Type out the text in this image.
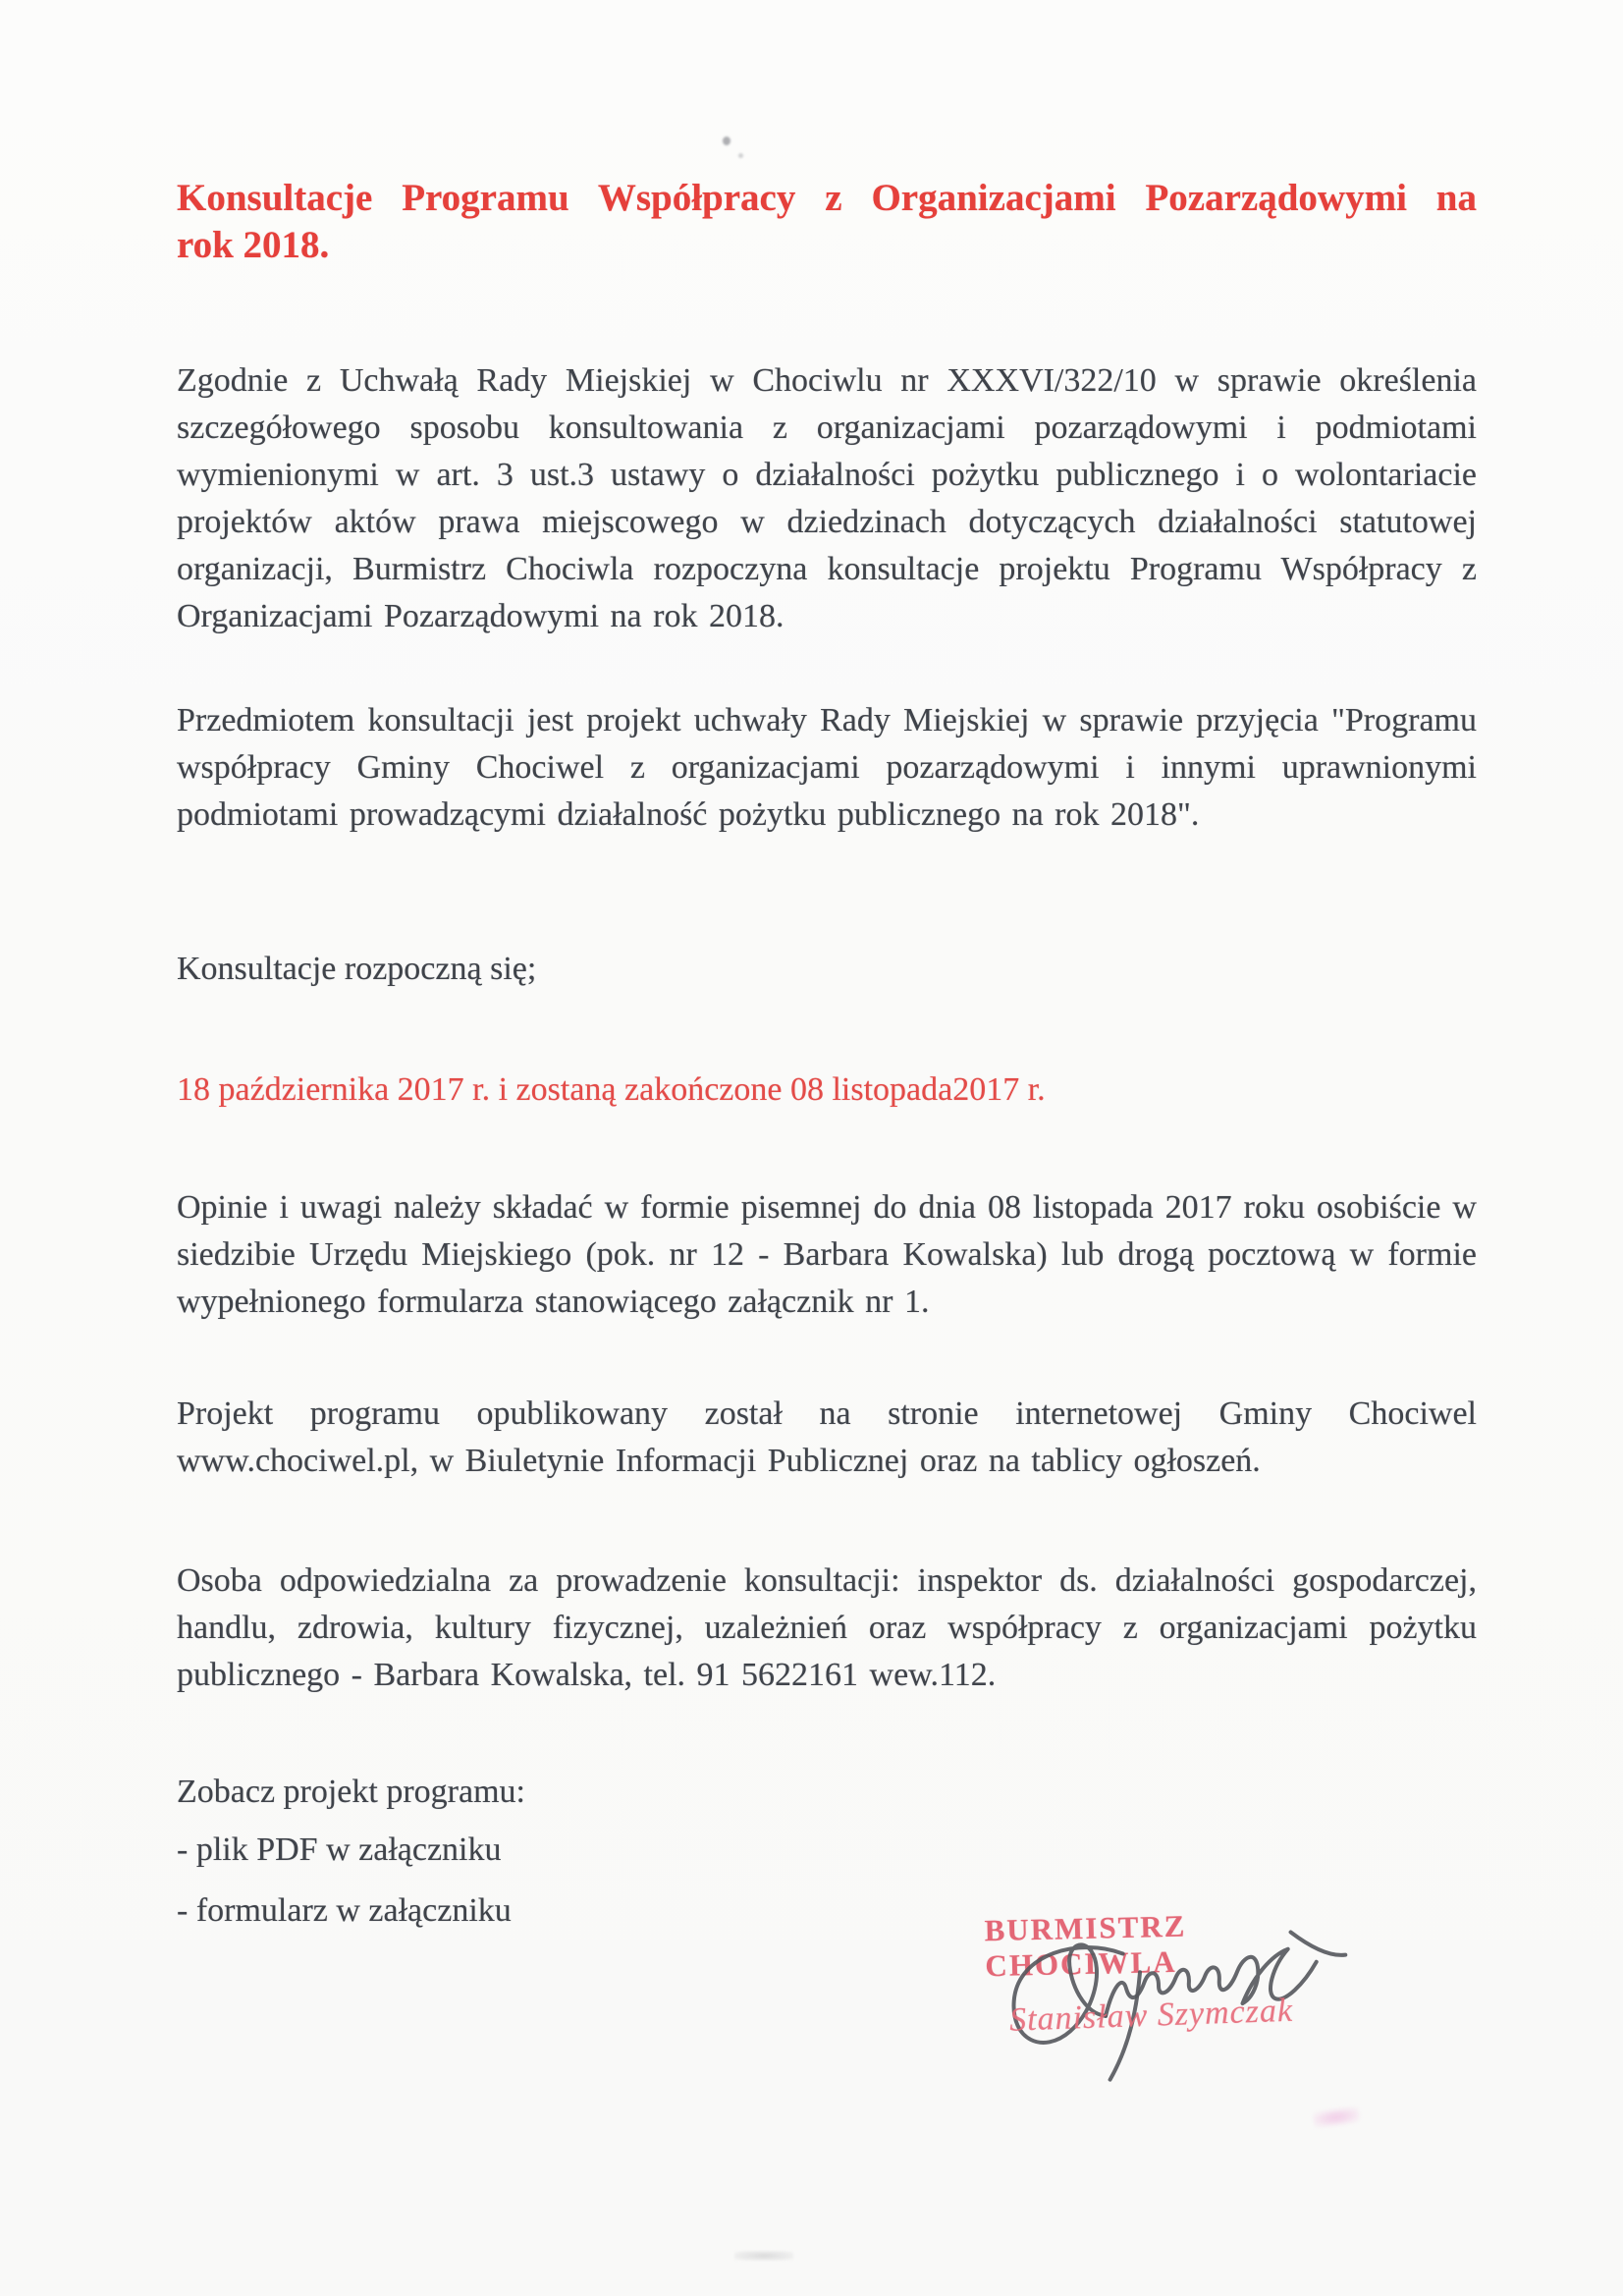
Konsultacje Programu Współpracy z Organizacjami Pozarządowymi na
rok 2018.

Zgodnie z Uchwałą Rady Miejskiej w Chociwlu nr XXXVI/322/10 w sprawie określenia szczegółowego sposobu konsultowania z organizacjami pozarządowymi i podmiotami wymienionymi w art. 3 ust.3 ustawy o działalności pożytku publicznego i o wolontariacie projektów aktów prawa miejscowego w dziedzinach dotyczących działalności statutowej organizacji, Burmistrz Chociwla rozpoczyna konsultacje projektu Programu Współpracy z Organizacjami Pozarządowymi na rok 2018.

Przedmiotem konsultacji jest projekt uchwały Rady Miejskiej w sprawie przyjęcia "Programu współpracy Gminy Chociwel z organizacjami pozarządowymi i innymi uprawnionymi podmiotami prowadzącymi działalność pożytku publicznego na rok 2018".

Konsultacje rozpoczną się;

18 października 2017 r. i zostaną zakończone 08 listopada2017 r.

Opinie i uwagi należy składać w formie pisemnej do dnia 08 listopada 2017 roku osobiście w siedzibie Urzędu Miejskiego (pok. nr 12 - Barbara Kowalska) lub drogą pocztową w formie wypełnionego formularza stanowiącego załącznik nr 1.

Projekt programu opublikowany został na stronie internetowej Gminy Chociwel www.chociwel.pl, w Biuletynie Informacji Publicznej oraz na tablicy ogłoszeń.

Osoba odpowiedzialna za prowadzenie konsultacji: inspektor ds. działalności gospodarczej, handlu, zdrowia, kultury fizycznej, uzależnień oraz współpracy z organizacjami pożytku publicznego - Barbara Kowalska, tel. 91 5622161 wew.112.

Zobacz projekt programu:

- plik PDF w załączniku

- formularz w załączniku	BURMISTRZ CHOCIWLA
Stanisław Szymczak
